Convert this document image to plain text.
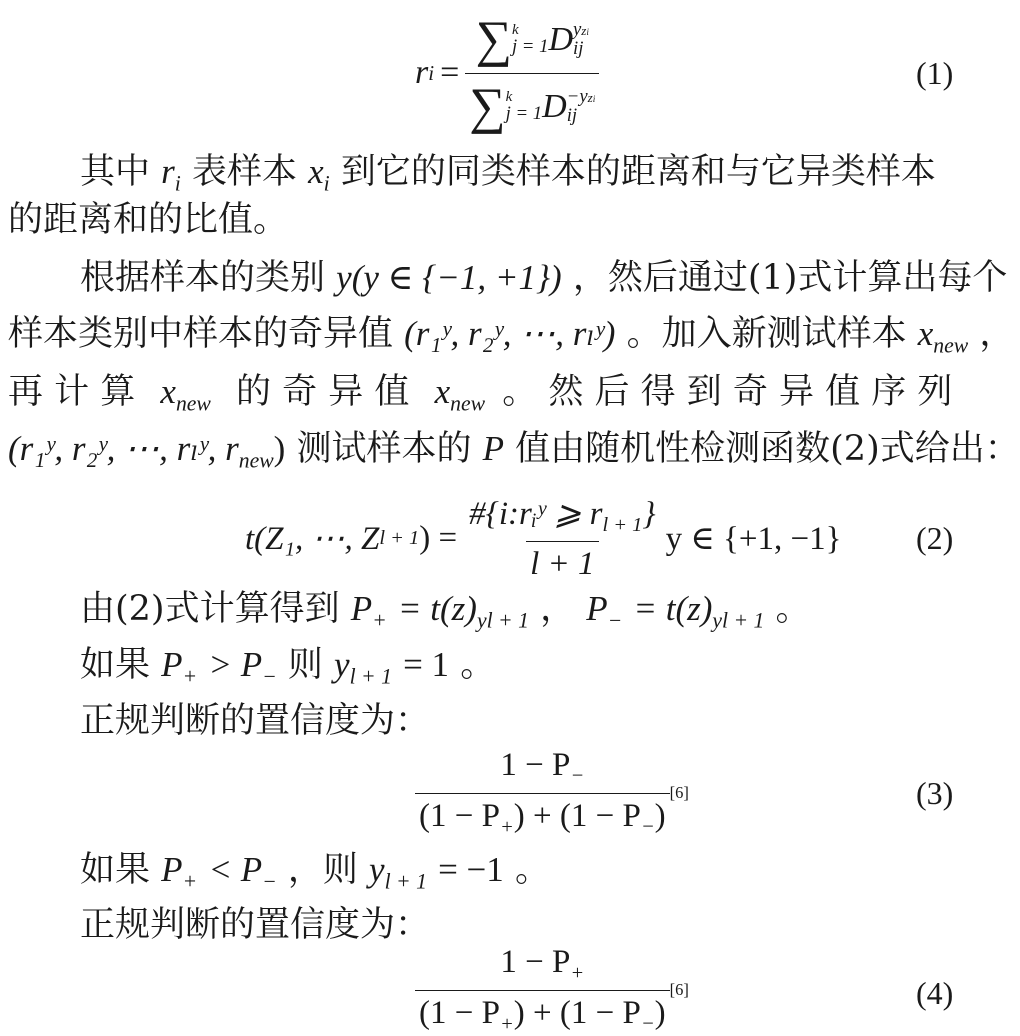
r i =
∑ k
j = 1 D yzi
ij
∑ k
j = 1 D −yzi
ij
(1)
其中 $r_i$ 表样本 $x_i$ 到它的同类样本的距离和与它异类样本
的距离和的比值。
根据样本的类别 y(y ∈ {−1, +1}) ，然后通过(1)式计算出每个
样本类别中样本的奇异值 (r₁ʸ, r₂ʸ, ⋯, rₗʸ) 。加入新测试样本 $x_{new}$ ，
再 计 算 $x_{new}$ 的 奇 异 值 $x_{new}$ 。 然 后 得 到 奇 异 值 序 列
(r₁ʸ, r₂ʸ, ⋯, rₗʸ, $r_{new}$) 测试样本的 P 值由随机性检测函数(2)式给出：
t(Z₁, ⋯, Z l + 1 ) = $\frac{\#\{i:rᵢʸ ⩾ r_{l + 1}\}}{l + 1}$ y ∈ {+1, −1} (2)
由(2)式计算得到 $P_+ = t(z)_{yl + 1}$ ， $P_- = t(z)_{yl + 1}$ 。
如果 $P_+ > P_-$ 则 $y_{l + 1} = 1$ 。
正规判断的置信度为：
$\frac{1 - P_-}{(1 - P_+) + (1 - P_-)} [6]$	(3)
如果 $P_+ < P_-$ ，则 $y_{l + 1} = -1$ 。
正规判断的置信度为：
$\frac{1 - P_+}{(1 - P_+) + (1 - P_-)} [6]$	(4)
